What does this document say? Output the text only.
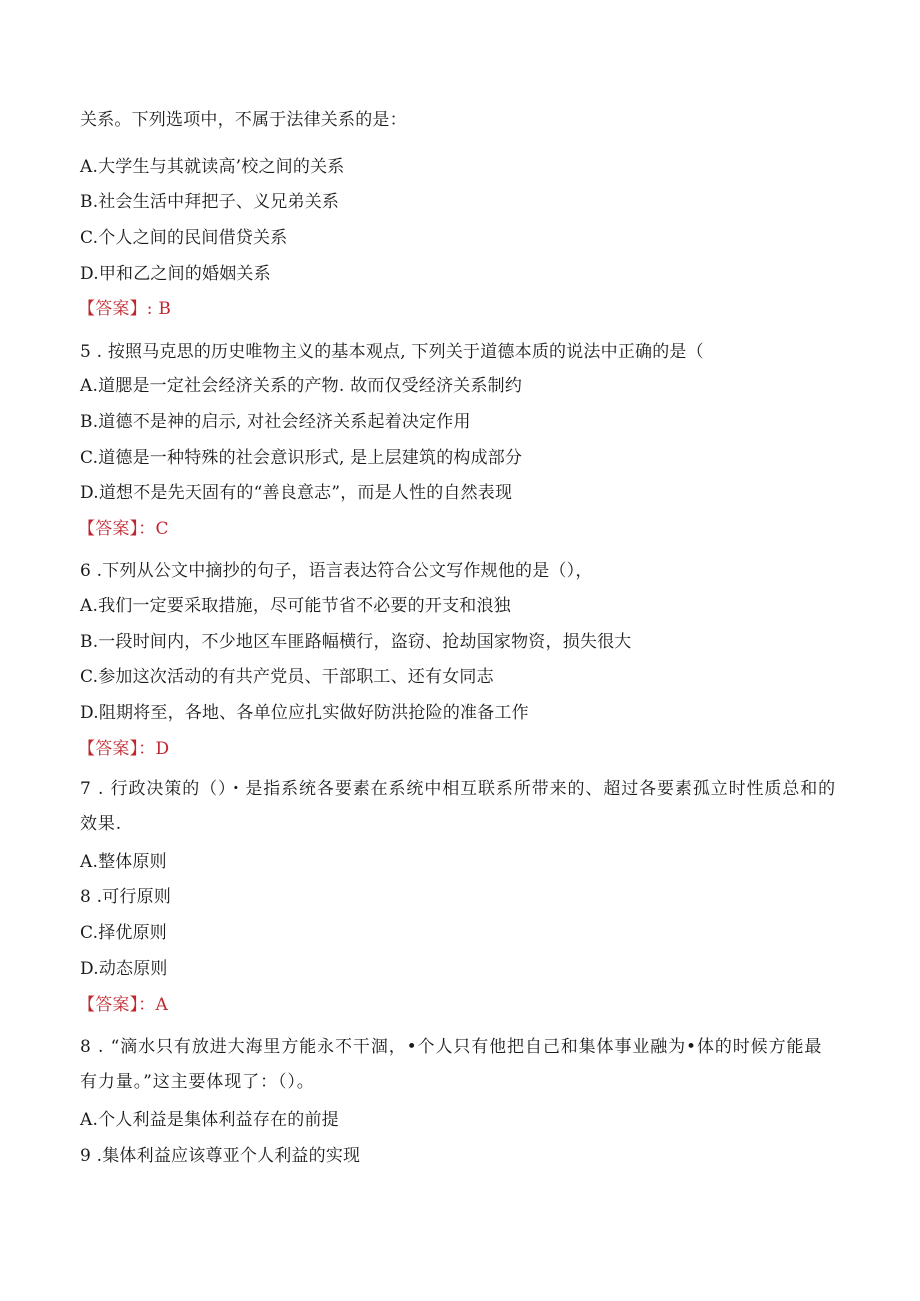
关系。下列选项中，不属于法律关系的是：
A.大学生与其就读高’校之间的关系
B.社会生活中拜把子、义兄弟关系
C.个人之间的民间借贷关系
D.甲和乙之间的婚姻关系
【答案】: B
5 . 按照马克思的历史唯物主义的基本观点, 下列关于道德本质的说法中正确的是（
A.道腮是一定社会经济关系的产物. 故而仅受经济关系制约
B.道德不是神的启示, 对社会经济关系起着决定作用
C.道德是一种特殊的社会意识形式, 是上层建筑的构成部分
D.道想不是先天固有的“善良意志”，而是人性的自然表现
【答案】：C
6 .下列从公文中摘抄的句子，语言表达符合公文写作规他的是（），
A.我们一定要采取措施，尽可能节省不必要的开支和浪独
B.一段时间内，不少地区车匪路幅横行，盗窃、抢劫国家物资，损失很大
C.参加这次活动的有共产党员、干部职工、还有女同志
D.阻期将至，各地、各单位应扎实做好防洪抢险的准备工作
【答案】：D
7 . 行政决策的（）・是指系统各要素在系统中相互联系所带来的、超过各要素孤立时性质总和的效果.
A.整体原则
8 .可行原则
C.择优原则
D.动态原则
【答案】：A
8 . “滴水只有放进大海里方能永不干涸，•个人只有他把自己和集体事业融为•体的时候方能最有力量。”这主要体现了：（）。
A.个人利益是集体利益存在的前提
9 .集体利益应该尊亚个人利益的实现
